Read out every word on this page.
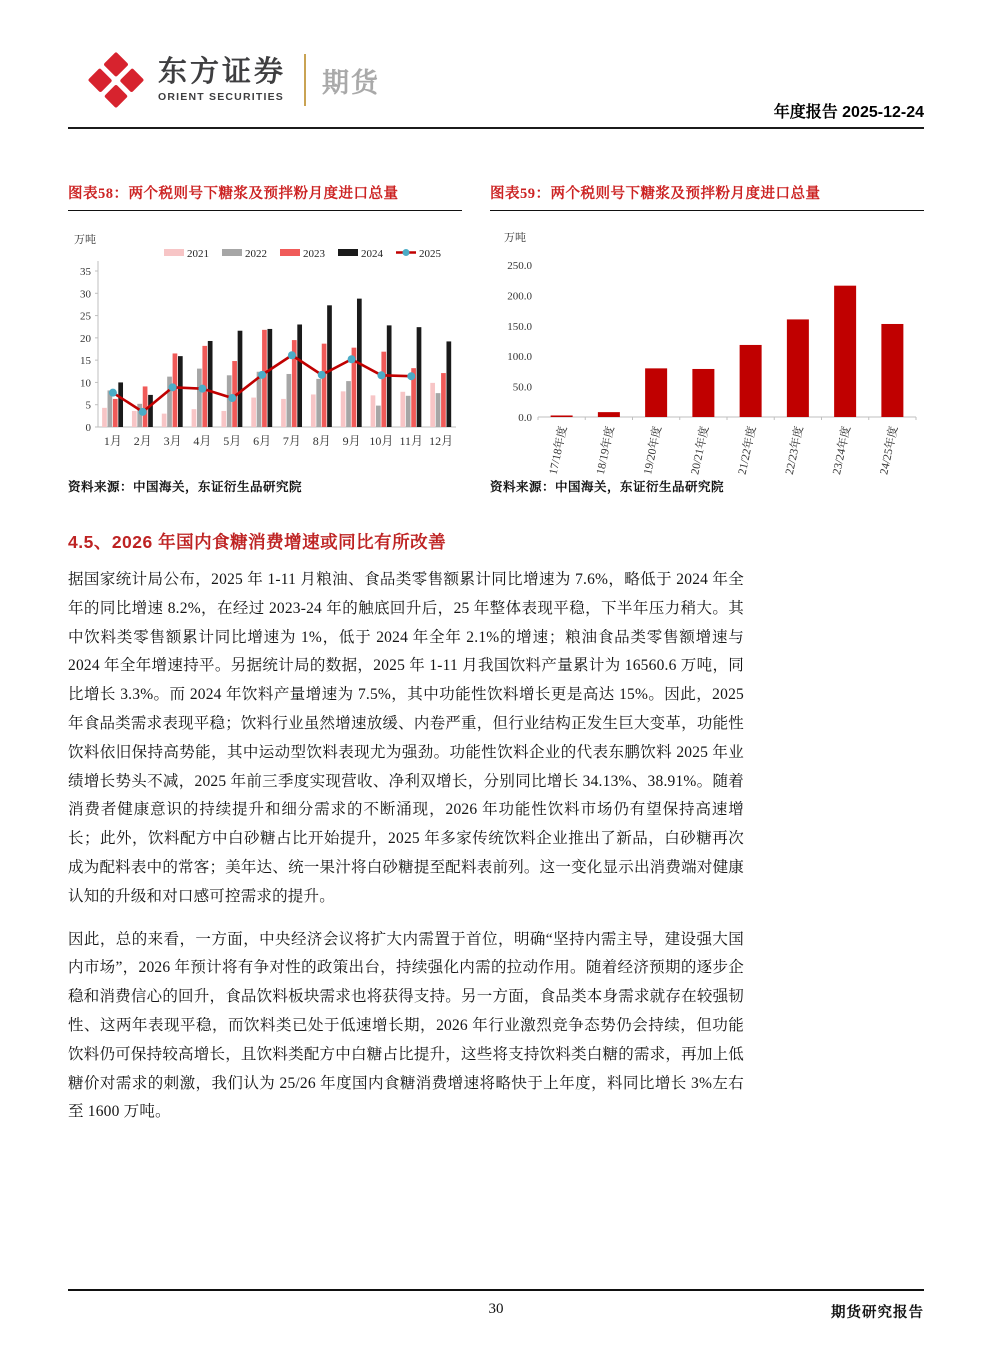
东方证券
ORIENT SECURITIES 期货
年度报告 2025-12-24
图表58：两个税则号下糖浆及预拌粉月度进口总量
万吨
0
5
10
15
20
25
30
35
1月 2月 3月 4月 5月 6月 7月 8月 9月 10月 11月 12月
2021	2022	2023	2024	2025
资料来源：中国海关，东证衍生品研究院
图表59：两个税则号下糖浆及预拌粉月度进口总量
万吨
0.0
50.0
100.0
150.0
200.0
250.0
17/18年度 18/19年度 19/20年度 20/21年度 21/22年度 22/23年度 23/24年度 24/25年度
资料来源：中国海关，东证衍生品研究院
4.5、2026 年国内食糖消费增速或同比有所改善

据国家统计局公布，2025 年 1-11 月粮油、食品类零售额累计同比增速为 7.6%，略低于 2024 年全年的同比增速 8.2%，在经过 2023-24 年的触底回升后，25 年整体表现平稳，下半年压力稍大。其中饮料类零售额累计同比增速为 1%，低于 2024 年全年 2.1%的增速；粮油食品类零售额增速与 2024 年全年增速持平。另据统计局的数据，2025 年 1-11 月我国饮料产量累计为 16560.6 万吨，同比增长 3.3%。而 2024 年饮料产量增速为 7.5%，其中功能性饮料增长更是高达 15%。因此，2025 年食品类需求表现平稳；饮料行业虽然增速放缓、内卷严重，但行业结构正发生巨大变革，功能性饮料依旧保持高势能，其中运动型饮料表现尤为强劲。功能性饮料企业的代表东鹏饮料 2025 年业绩增长势头不减，2025 年前三季度实现营收、净利双增长，分别同比增长 34.13%、38.91%。随着消费者健康意识的持续提升和细分需求的不断涌现，2026 年功能性饮料市场仍有望保持高速增长；此外，饮料配方中白砂糖占比开始提升，2025 年多家传统饮料企业推出了新品，白砂糖再次成为配料表中的常客；美年达、统一果汁将白砂糖提至配料表前列。这一变化显示出消费端对健康认知的升级和对口感可控需求的提升。

因此，总的来看，一方面，中央经济会议将扩大内需置于首位，明确“坚持内需主导，建设强大国内市场”，2026 年预计将有争对性的政策出台，持续强化内需的拉动作用。随着经济预期的逐步企稳和消费信心的回升，食品饮料板块需求也将获得支持。另一方面，食品类本身需求就存在较强韧性、这两年表现平稳，而饮料类已处于低速增长期，2026 年行业激烈竞争态势仍会持续，但功能饮料仍可保持较高增长，且饮料类配方中白糖占比提升，这些将支持饮料类白糖的需求，再加上低糖价对需求的刺激，我们认为 25/26 年度国内食糖消费增速将略快于上年度，料同比增长 3%左右至 1600 万吨。

30	期货研究报告
